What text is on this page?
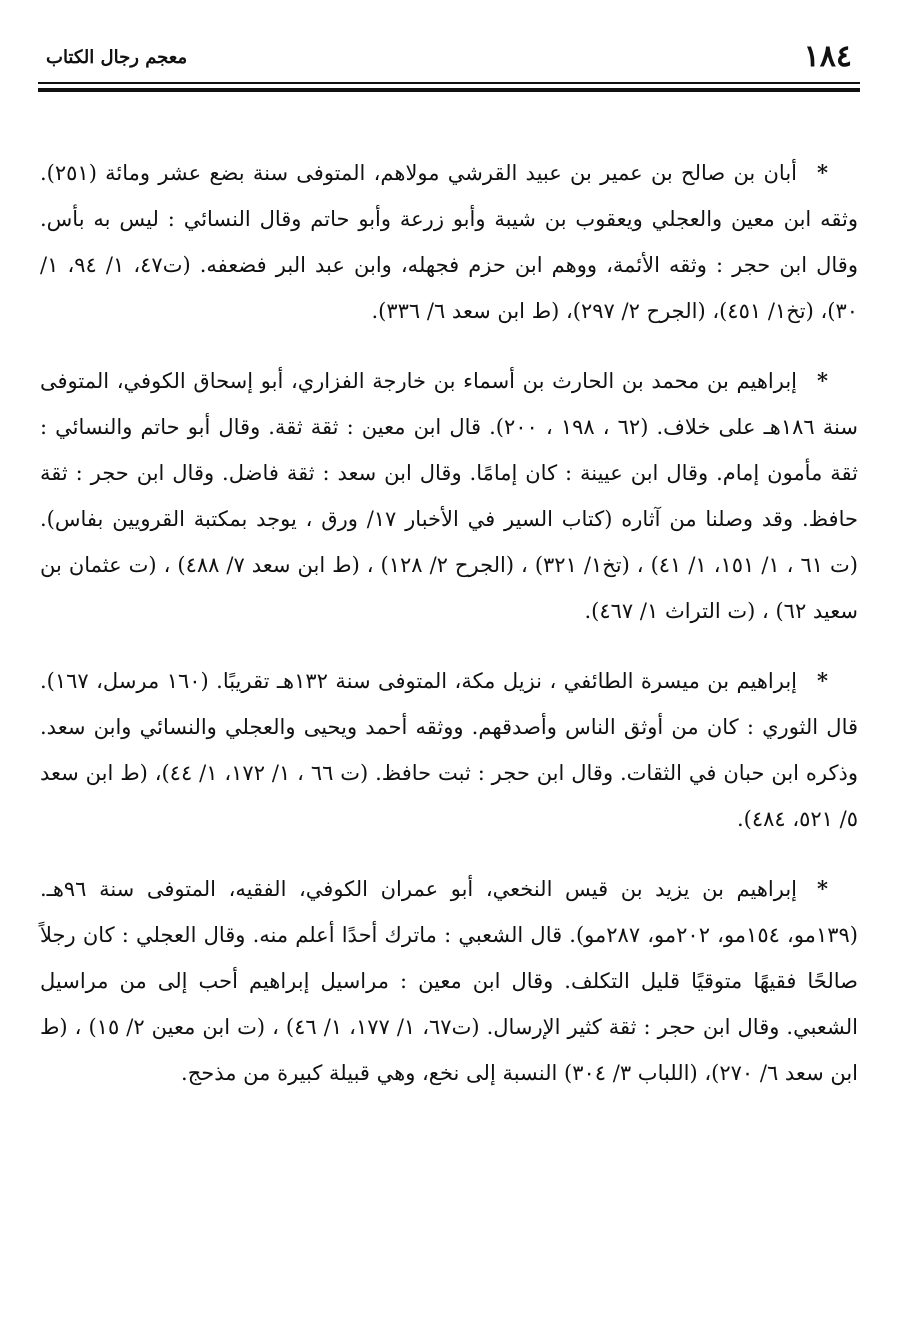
١٨٤
معجم رجال الكتاب

*أبان بن صالح بن عمير بن عبيد القرشي مولاهم، المتوفى سنة بضع عشر ومائة (٢٥١). وثقه ابن معين والعجلي ويعقوب بن شيبة وأبو زرعة وأبو حاتم وقال النسائي : ليس به بأس. وقال ابن حجر : وثقه الأئمة، ووهم ابن حزم فجهله، وابن عبد البر فضعفه. (ت٤٧، ١/ ٩٤، ١/ ٣٠)، (تخ١/ ٤٥١)، (الجرح ٢/ ٢٩٧)، (ط ابن سعد ٦/ ٣٣٦).

*إبراهيم بن محمد بن الحارث بن أسماء بن خارجة الفزاري، أبو إسحاق الكوفي، المتوفى سنة ١٨٦هـ على خلاف. (٦٢ ، ١٩٨ ، ٢٠٠). قال ابن معين : ثقة ثقة. وقال أبو حاتم والنسائي : ثقة مأمون إمام. وقال ابن عيينة : كان إمامًا. وقال ابن سعد : ثقة فاضل. وقال ابن حجر : ثقة حافظ. وقد وصلنا من آثاره (كتاب السير في الأخبار ١٧/ ورق ، يوجد بمكتبة القرويين بفاس). (ت ٦١ ، ١/ ١٥١، ١/ ٤١) ، (تخ١/ ٣٢١) ، (الجرح ٢/ ١٢٨) ، (ط ابن سعد ٧/ ٤٨٨) ، (ت عثمان بن سعيد ٦٢) ، (ت التراث ١/ ٤٦٧).

*إبراهيم بن ميسرة الطائفي ، نزيل مكة، المتوفى سنة ١٣٢هـ تقريبًا. (١٦٠ مرسل، ١٦٧). قال الثوري : كان من أوثق الناس وأصدقهم. ووثقه أحمد ويحيى والعجلي والنسائي وابن سعد. وذكره ابن حبان في الثقات. وقال ابن حجر : ثبت حافظ. (ت ٦٦ ، ١/ ١٧٢، ١/ ٤٤)، (ط ابن سعد ٥/ ٥٢١، ٤٨٤).

*إبراهيم بن يزيد بن قيس النخعي، أبو عمران الكوفي، الفقيه، المتوفى سنة ٩٦هـ. (١٣٩مو، ١٥٤مو، ٢٠٢مو، ٢٨٧مو). قال الشعبي : ماترك أحدًا أعلم منه. وقال العجلي : كان رجلاً صالحًا فقيهًا متوقيًا قليل التكلف. وقال ابن معين : مراسيل إبراهيم أحب إلى من مراسيل الشعبي. وقال ابن حجر : ثقة كثير الإرسال. (ت٦٧، ١/ ١٧٧، ١/ ٤٦) ، (ت ابن معين ٢/ ١٥) ، (ط ابن سعد ٦/ ٢٧٠)، (اللباب ٣/ ٣٠٤) النسبة إلى نخع، وهي قبيلة كبيرة من مذحج.
